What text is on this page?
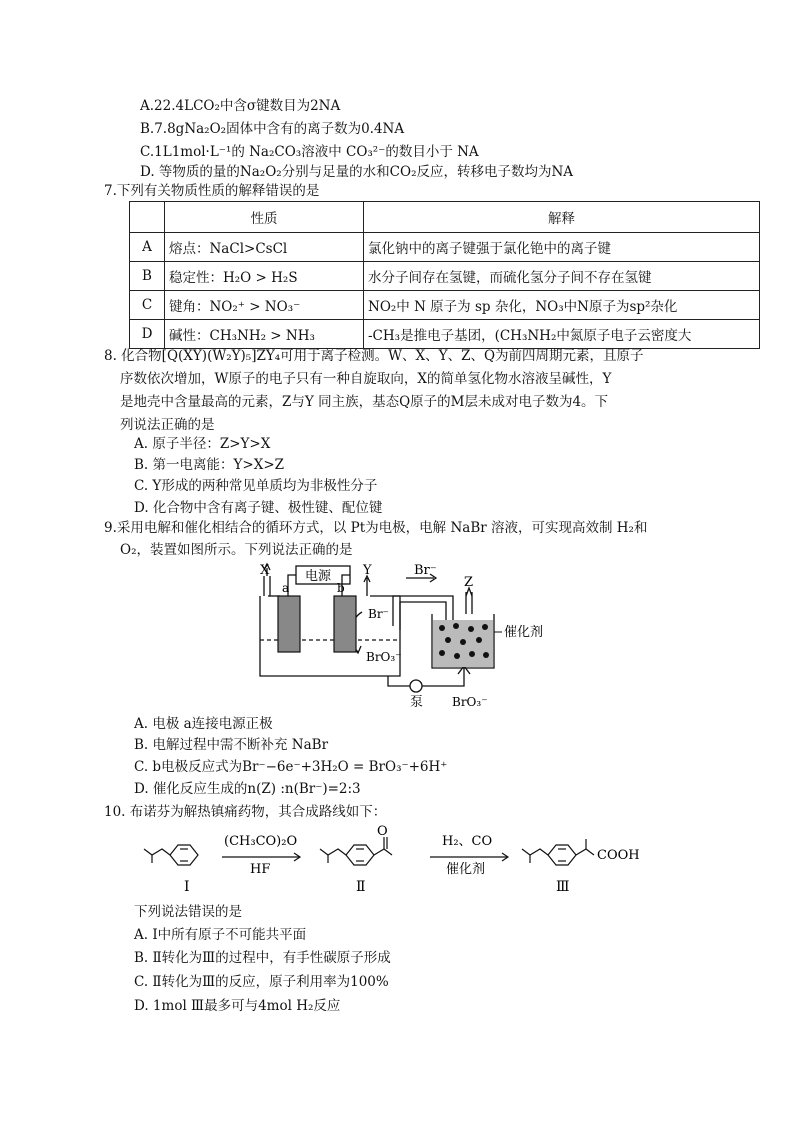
A.22.4LCO₂中含σ键数目为2NA
B.7.8gNa₂O₂固体中含有的离子数为0.4NA
C.1L1mol·L⁻¹的 Na₂CO₃溶液中 CO₃²⁻的数目小于 NA
D. 等物质的量的Na₂O₂分别与足量的水和CO₂反应，转移电子数均为NA
7.下列有关物质性质的解释错误的是
	性质	解释
A	熔点：NaCl>CsCl	氯化钠中的离子键强于氯化铯中的离子键
B	稳定性：H₂O > H₂S	水分子间存在氢键，而硫化氢分子间不存在氢键
C	键角：NO₂⁺ > NO₃⁻	NO₂中 N 原子为 sp 杂化，NO₃中N原子为sp²杂化
D	碱性：CH₃NH₂ > NH₃	-CH₃是推电子基团，(CH₃NH₂中氮原子电子云密度大
8. 化合物[Q(XY)(W₂Y)₅]ZY₄可用于离子检测。W、X、Y、Z、Q为前四周期元素，且原子
序数依次增加，W原子的电子只有一种自旋取向，X的简单氢化物水溶液呈碱性，Y
是地壳中含量最高的元素，Z与Y 同主族，基态Q原子的M层未成对电子数为4。下
列说法正确的是
A. 原子半径：Z>Y>X
B. 第一电离能：Y>X>Z
C. Y形成的两种常见单质均为非极性分子
D. 化合物中含有离子键、极性键、配位键
9.采用电解和催化相结合的循环方式，以 Pt为电极，电解 NaBr 溶液，可实现高效制 H₂和
O₂，装置如图所示。下列说法正确的是
X	Y
Z
电源
a	b
Br⁻
Br⁻
BrO₃⁻
催化剂
泵 BrO₃⁻
A. 电极 a连接电源正极
B. 电解过程中需不断补充 NaBr
C. b电极反应式为Br⁻−6e⁻+3H₂O = BrO₃⁻+6H⁺
D. 催化反应生成的n(Z) :n(Br⁻)=2:3
10. 布诺芬为解热镇痛药物，其合成路线如下：
O
COOH
(CH₃CO)₂O
HF
H₂、CO
催化剂
Ⅰ	Ⅱ	Ⅲ
下列说法错误的是
A. Ⅰ中所有原子不可能共平面
B. Ⅱ转化为Ⅲ的过程中，有手性碳原子形成
C. Ⅱ转化为Ⅲ的反应，原子利用率为100%
D. 1mol Ⅲ最多可与4mol H₂反应
